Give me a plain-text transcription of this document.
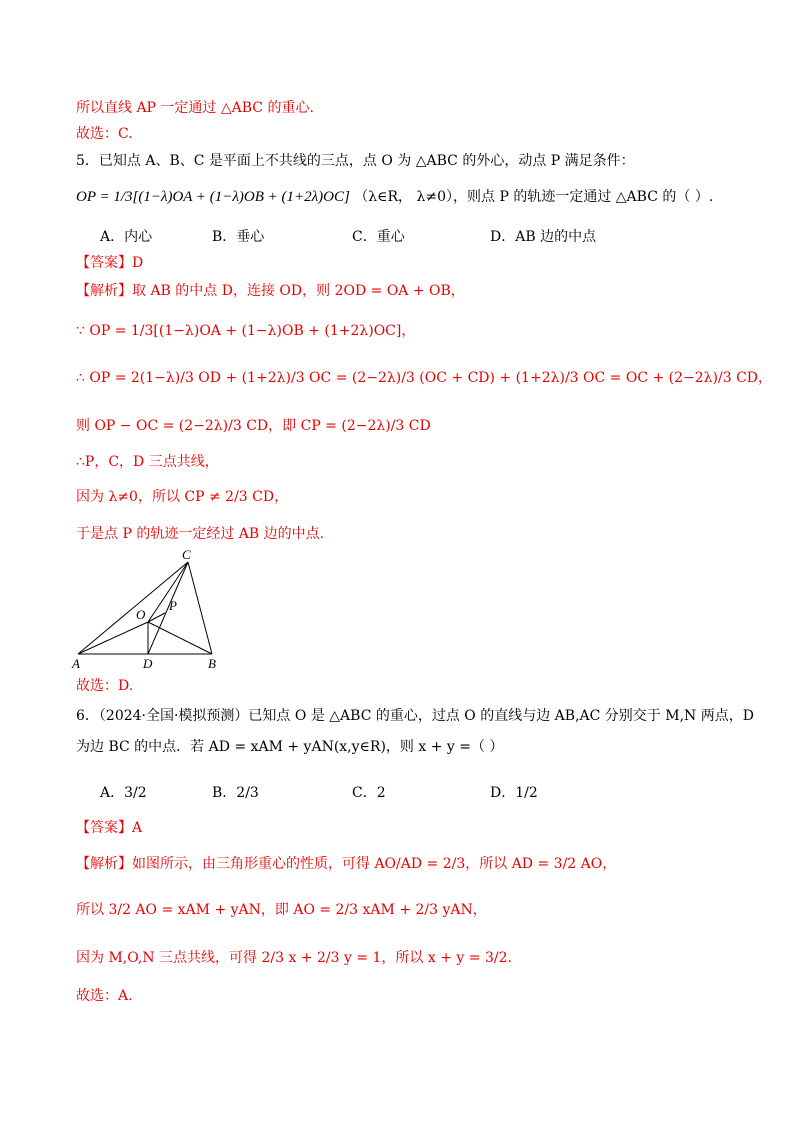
所以直线 AP 一定通过 △ABC 的重心.
故选：C.
5．已知点 A、B、C 是平面上不共线的三点，点 O 为 △ABC 的外心，动点 P 满足条件：
OP = 1/3[(1−λ)OA + (1−λ)OB + (1+2λ)OC] （λ∈R， λ≠0），则点 P 的轨迹一定通过 △ABC 的（ ）.
A．内心	B．垂心	C．重心	D．AB 边的中点
【答案】D
【解析】取 AB 的中点 D，连接 OD，则 2OD = OA + OB，
∵ OP = 1/3[(1−λ)OA + (1−λ)OB + (1+2λ)OC]，
∴ OP = 2(1−λ)/3 OD + (1+2λ)/3 OC = (2−2λ)/3 (OC + CD) + (1+2λ)/3 OC = OC + (2−2λ)/3 CD，
则 OP − OC = (2−2λ)/3 CD，即 CP = (2−2λ)/3 CD
∴P，C，D 三点共线，
因为 λ≠0，所以 CP ≠ 2/3 CD，
于是点 P 的轨迹一定经过 AB 边的中点.
C
O
P
A	D	B
故选：D.
6．（2024·全国·模拟预测）已知点 O 是 △ABC 的重心，过点 O 的直线与边 AB,AC 分别交于 M,N 两点，D
为边 BC 的中点．若 AD = xAM + yAN(x,y∈R)，则 x + y =（ ）
A．3/2	B．2/3	C．2	D．1/2
【答案】A
【解析】如图所示，由三角形重心的性质，可得 AO/AD = 2/3，所以 AD = 3/2 AO，
所以 3/2 AO = xAM + yAN，即 AO = 2/3 xAM + 2/3 yAN，
因为 M,O,N 三点共线，可得 2/3 x + 2/3 y = 1，所以 x + y = 3/2.
故选：A.
